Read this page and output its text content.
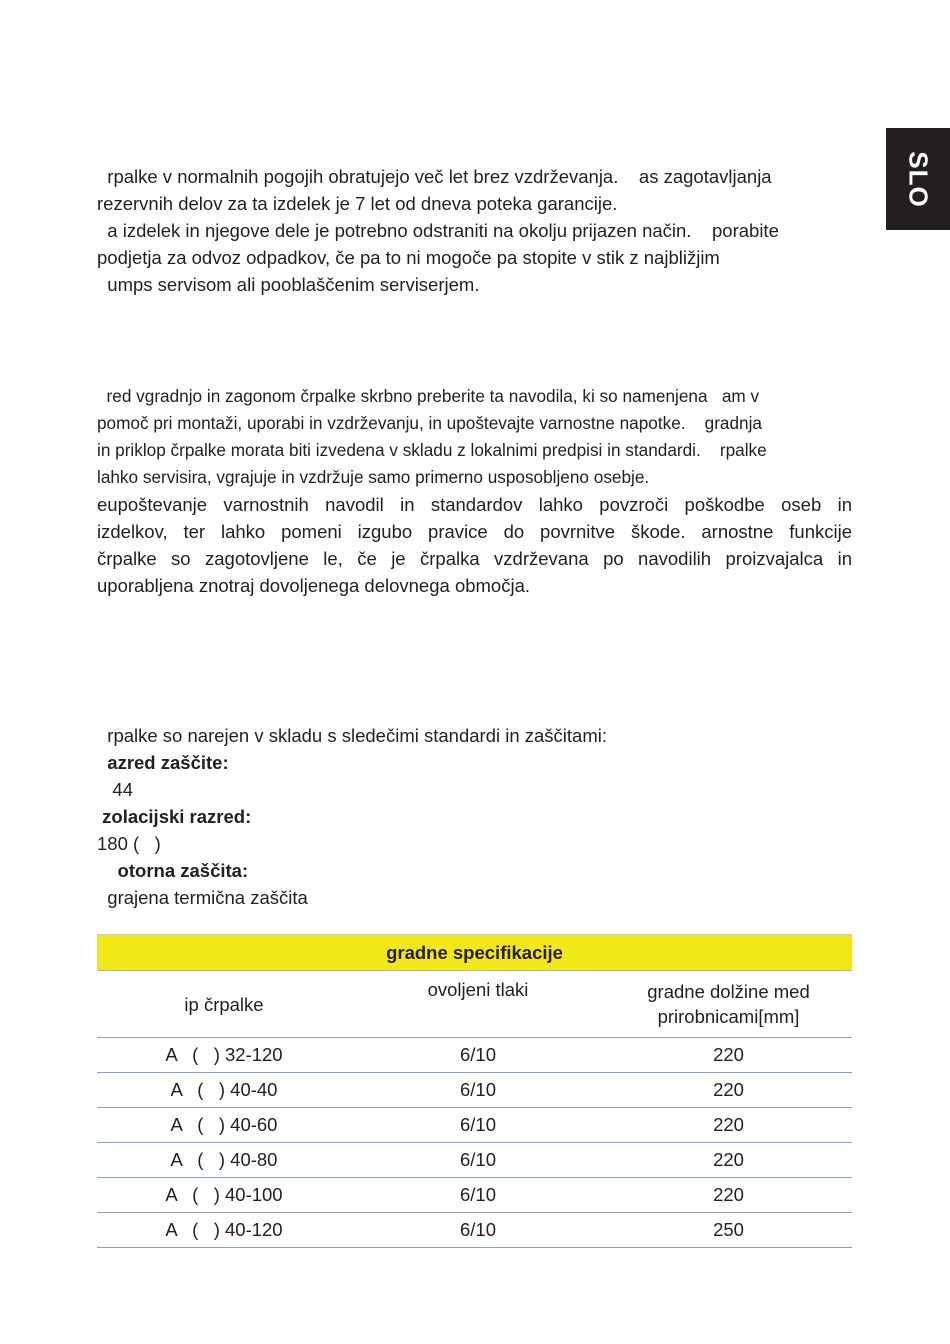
SLO
rpalke v normalnih pogojih obratujejo več let brez vzdrževanja.    as zagotavljanja
rezervnih delov za ta izdelek je 7 let od dneva poteka garancije.
a izdelek in njegove dele je potrebno odstraniti na okolju prijazen način.    porabite
podjetja za odvoz odpadkov, če pa to ni mogoče pa stopite v stik z najbližjim
umps servisom ali pooblaščenim serviserjem.
red vgradnjo in zagonom črpalke skrbno preberite ta navodila, ki so namenjena   am v
pomoč pri montaži, uporabi in vzdrževanju, in upoštevajte varnostne napotke.    gradnja
in priklop črpalke morata biti izvedena v skladu z lokalnimi predpisi in standardi.    rpalke
lahko servisira, vgrajuje in vzdržuje samo primerno usposobljeno osebje.
eupoštevanje varnostnih navodil in standardov lahko povzroči poškodbe oseb in
izdelkov, ter lahko pomeni izgubo pravice do povrnitve škode. arnostne funkcije
črpalke so zagotovljene le, če je črpalka vzdrževana po navodilih proizvajalca in
uporabljena znotraj dovoljenega delovnega območja.
rpalke so narejen v skladu s sledečimi standardi in zaščitami:
azred zaščite:
44
zolacijski razred:
180 (   )
otorna zaščita:
grajena termična zaščita
gradne specifikacije		
ip črpalke	ovoljeni tlaki	gradne dolžine med
prirobnicami[mm]

A   (   ) 32-120	6/10	220
A   (   ) 40-40	6/10	220
A   (   ) 40-60	6/10	220
A   (   ) 40-80	6/10	220
A   (   ) 40-100	6/10	220
A   (   ) 40-120	6/10	250
